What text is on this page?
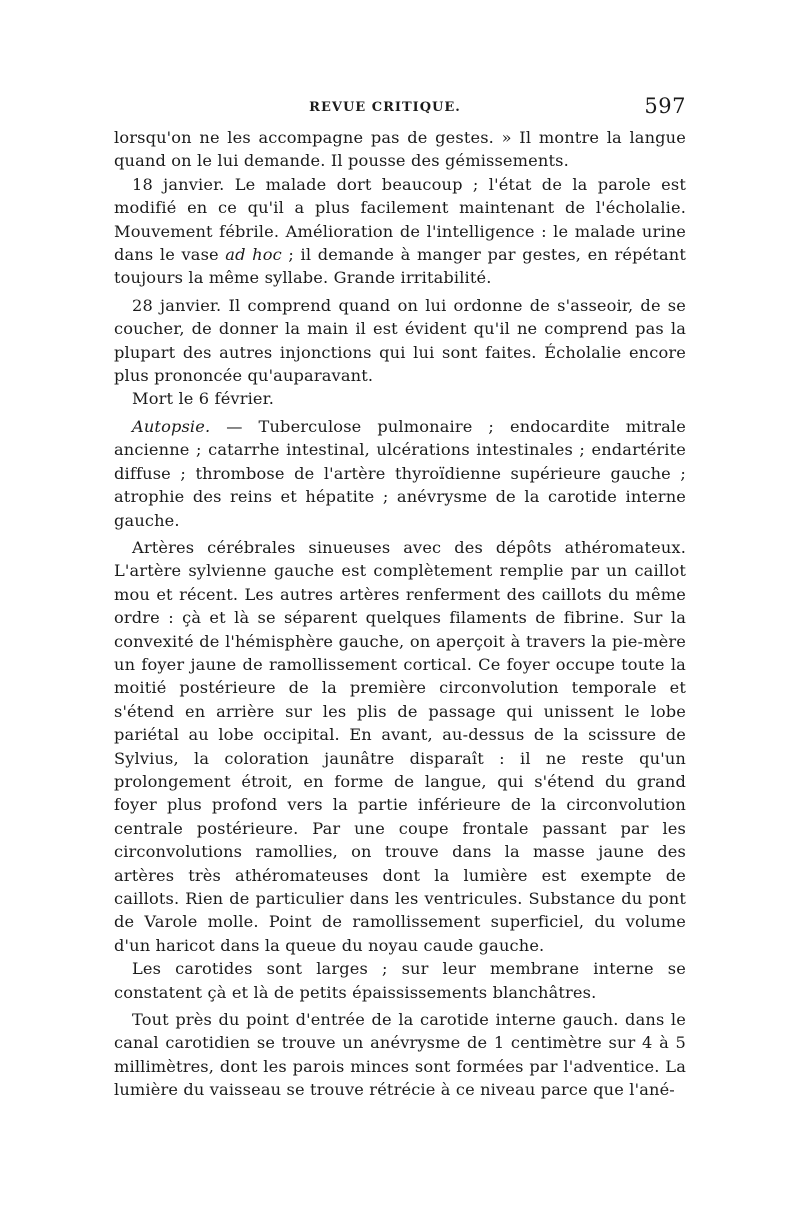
REVUE CRITIQUE.	597

lorsqu'on ne les accompagne pas de gestes. » Il montre la langue quand on le lui demande. Il pousse des gémissements.

18 janvier. Le malade dort beaucoup ; l'état de la parole est modifié en ce qu'il a plus facilement maintenant de l'écholalie. Mouvement fébrile. Amélioration de l'intelligence : le malade urine dans le vase ad hoc ; il demande à manger par gestes, en répétant toujours la même syllabe. Grande irritabilité.

28 janvier. Il comprend quand on lui ordonne de s'asseoir, de se coucher, de donner la main il est évident qu'il ne comprend pas la plupart des autres injonctions qui lui sont faites. Écholalie encore plus prononcée qu'auparavant.

Mort le 6 février.

Autopsie. — Tuberculose pulmonaire ; endocardite mitrale ancienne ; catarrhe intestinal, ulcérations intestinales ; endartérite diffuse ; thrombose de l'artère thyroïdienne supérieure gauche ; atrophie des reins et hépatite ; anévrysme de la carotide interne gauche.

Artères cérébrales sinueuses avec des dépôts athéromateux. L'artère sylvienne gauche est complètement remplie par un caillot mou et récent. Les autres artères renferment des caillots du même ordre : çà et là se séparent quelques filaments de fibrine. Sur la convexité de l'hémisphère gauche, on aperçoit à travers la pie-mère un foyer jaune de ramollissement cortical. Ce foyer occupe toute la moitié postérieure de la première circonvolution temporale et s'étend en arrière sur les plis de passage qui unissent le lobe pariétal au lobe occipital. En avant, au-dessus de la scissure de Sylvius, la coloration jaunâtre disparaît : il ne reste qu'un prolongement étroit, en forme de langue, qui s'étend du grand foyer plus profond vers la partie inférieure de la circonvolution centrale postérieure. Par une coupe frontale passant par les circonvolutions ramollies, on trouve dans la masse jaune des artères très athéromateuses dont la lumière est exempte de caillots. Rien de particulier dans les ventricules. Substance du pont de Varole molle. Point de ramollissement superficiel, du volume d'un haricot dans la queue du noyau caude gauche.

Les carotides sont larges ; sur leur membrane interne se constatent çà et là de petits épaississements blanchâtres.

Tout près du point d'entrée de la carotide interne gauch. dans le canal carotidien se trouve un anévrysme de 1 centimètre sur 4 à 5 millimètres, dont les parois minces sont formées par l'adventice. La lumière du vaisseau se trouve rétrécie à ce niveau parce que l'ané-
